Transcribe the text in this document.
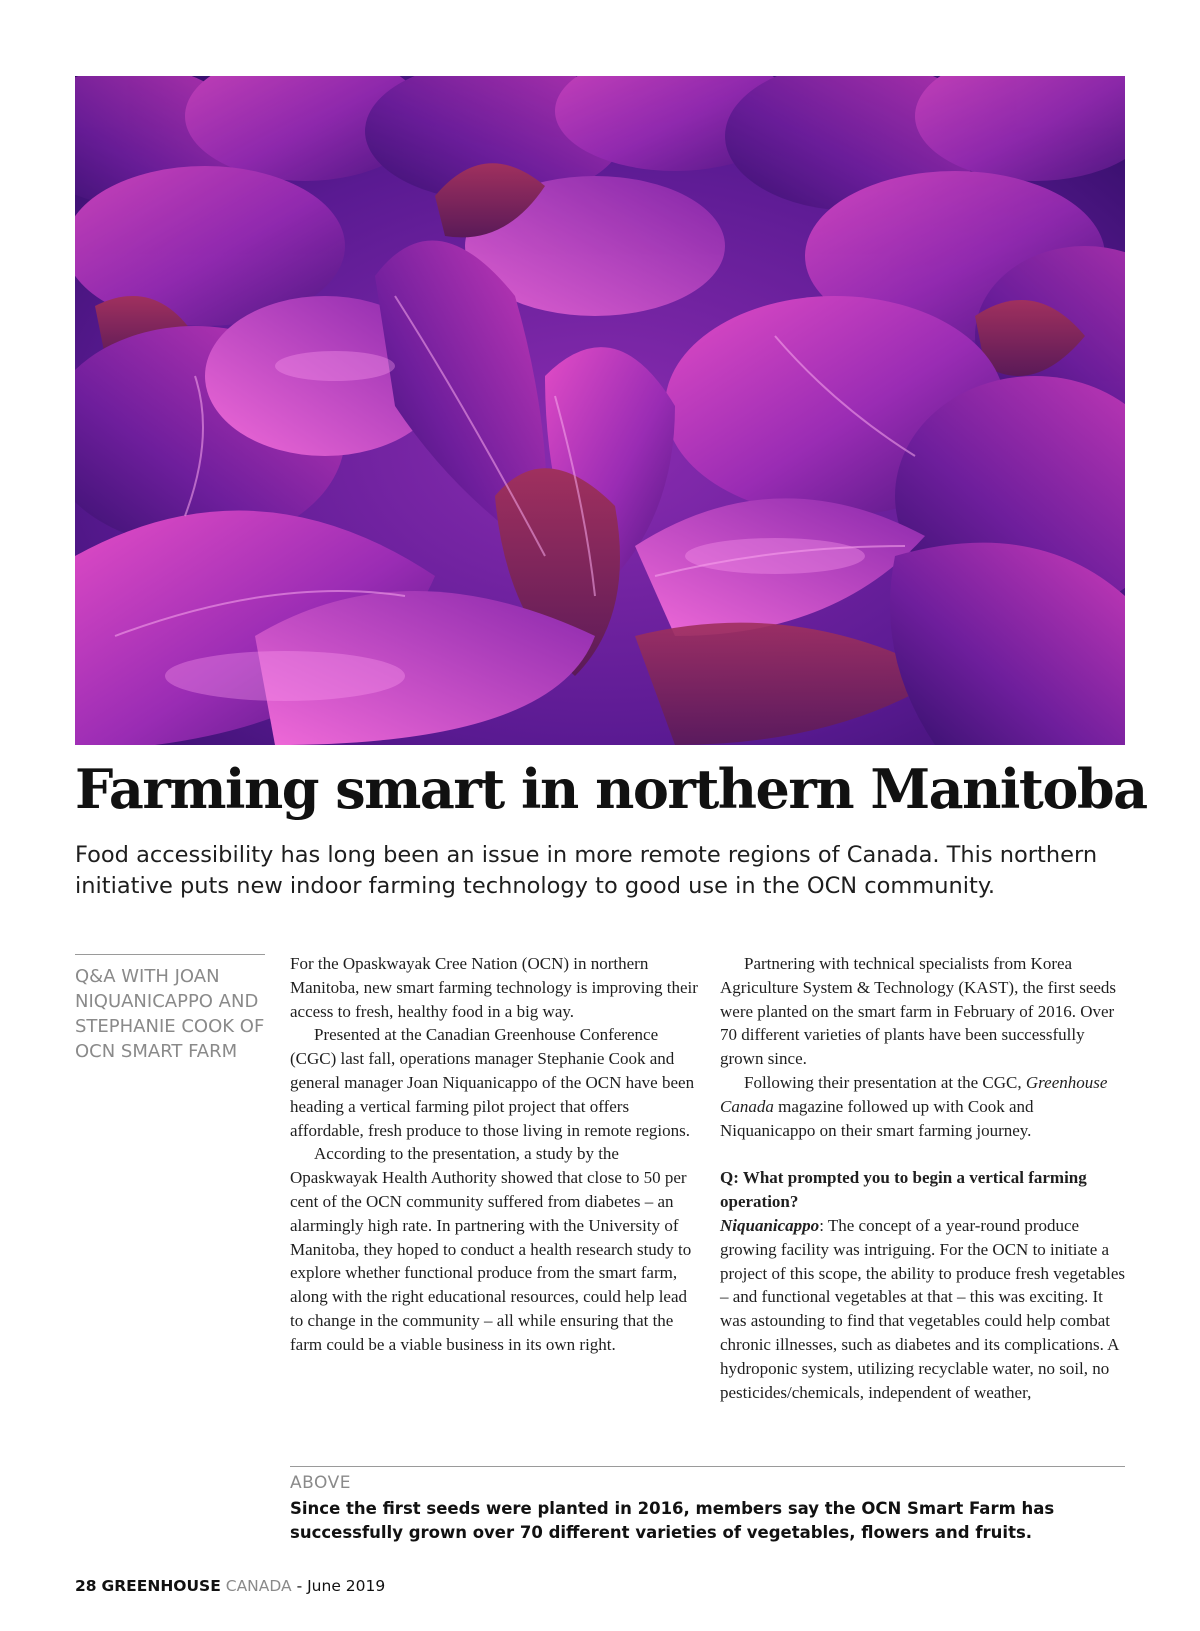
Farming smart in northern Manitoba

Food accessibility has long been an issue in more remote regions of Canada. This northern initiative puts new indoor farming technology to good use in the OCN community.

Q&A WITH JOAN NIQUANICAPPO AND STEPHANIE COOK OF OCN SMART FARM

For the Opaskwayak Cree Nation (OCN) in northern Manitoba, new smart farming technology is improving their access to fresh, healthy food in a big way.

Presented at the Canadian Greenhouse Conference (CGC) last fall, operations manager Stephanie Cook and general manager Joan Niquanicappo of the OCN have been heading a vertical farming pilot project that offers affordable, fresh produce to those living in remote regions.

According to the presentation, a study by the Opaskwayak Health Authority showed that close to 50 per cent of the OCN community suffered from diabetes – an alarmingly high rate. In partnering with the University of Manitoba, they hoped to conduct a health research study to explore whether functional produce from the smart farm, along with the right educational resources, could help lead to change in the community – all while ensuring that the farm could be a viable business in its own right.

Partnering with technical specialists from Korea Agriculture System & Technology (KAST), the first seeds were planted on the smart farm in February of 2016. Over 70 different varieties of plants have been successfully grown since.

Following their presentation at the CGC, Greenhouse Canada magazine followed up with Cook and Niquanicappo on their smart farming journey.

Q: What prompted you to begin a vertical farming operation?

Niquanicappo: The concept of a year-round produce growing facility was intriguing. For the OCN to initiate a project of this scope, the ability to produce fresh vegetables – and functional vegetables at that – this was exciting. It was astounding to find that vegetables could help combat chronic illnesses, such as diabetes and its complications. A hydroponic system, utilizing recyclable water, no soil, no pesticides/chemicals, independent of weather,

ABOVE

Since the first seeds were planted in 2016, members say the OCN Smart Farm has successfully grown over 70 different varieties of vegetables, flowers and fruits.

28 GREENHOUSE CANADA - June 2019
